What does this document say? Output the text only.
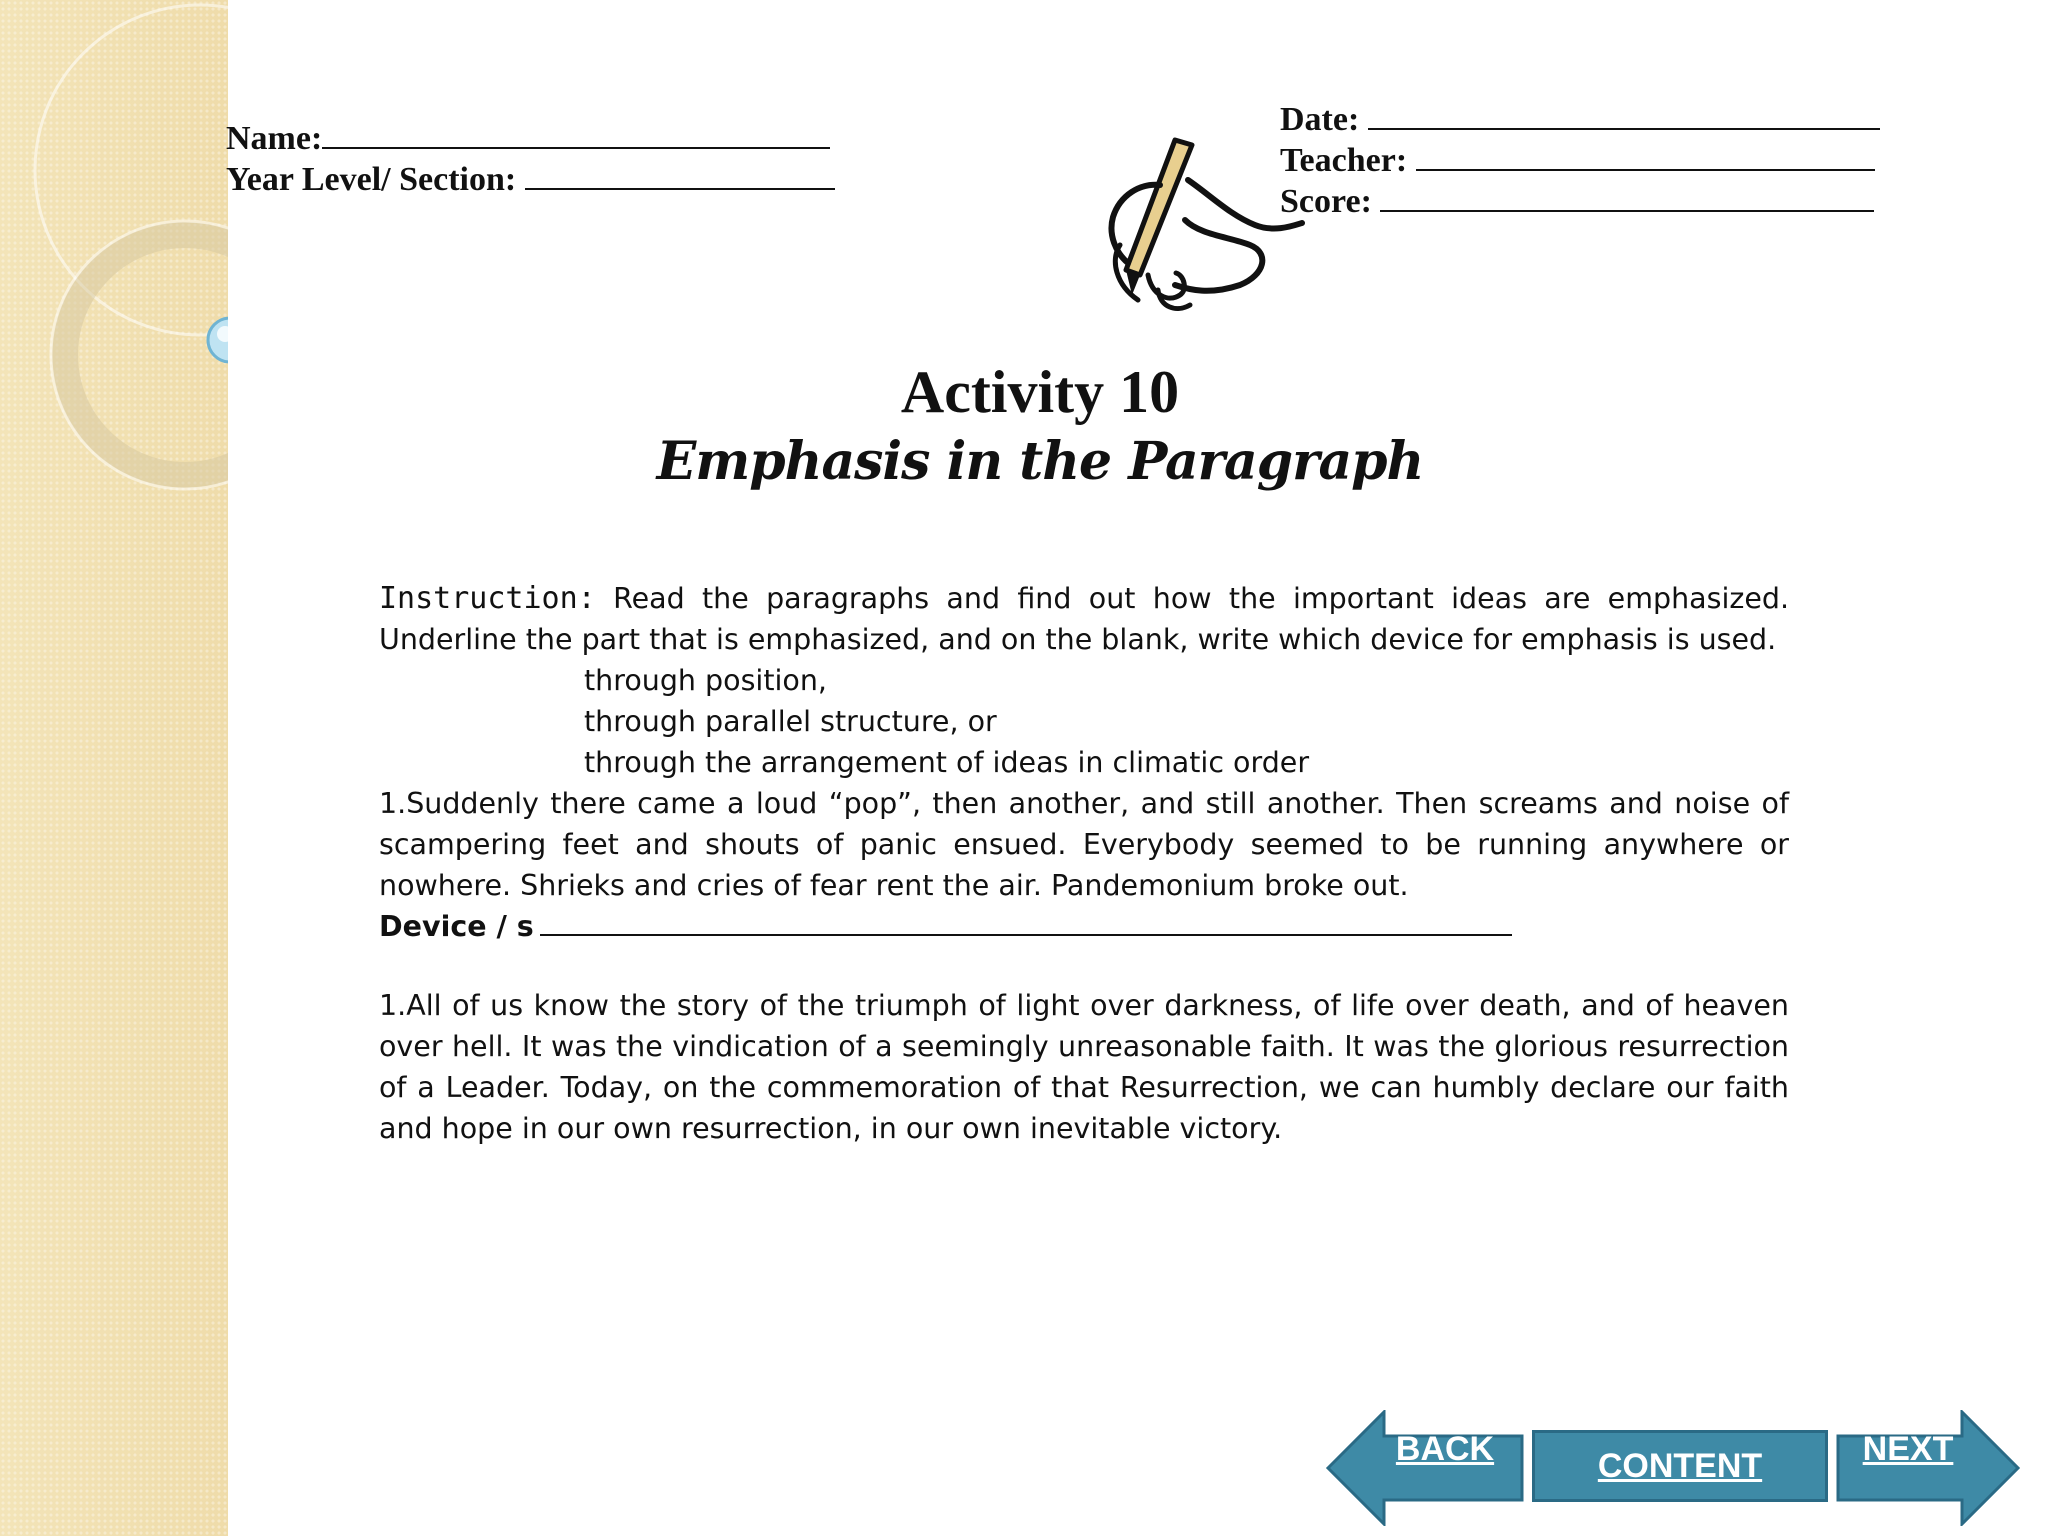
Name:
Year Level/ Section:
Date:
Teacher:
Score:
Activity 10
Emphasis in the Paragraph

Instruction: Read the paragraphs and find out how the important ideas are emphasized. Underline the part that is emphasized, and on the blank, write which device for emphasis is used.

through position,

through parallel structure, or

through the arrangement of ideas in climatic order

1.Suddenly there came a loud “pop”, then another, and still another. Then screams and noise of scampering feet and shouts of panic ensued. Everybody seemed to be running anywhere or nowhere. Shrieks and cries of fear rent the air. Pandemonium broke out.

Device / s

1.All of us know the story of the triumph of light over darkness, of life over death, and of heaven over hell. It was the vindication of a seemingly unreasonable faith. It was the glorious resurrection of a Leader. Today, on the commemoration of that Resurrection, we can humbly declare our faith and hope in our own resurrection, in our own inevitable victory.

BACK	CONTENT	NEXT
